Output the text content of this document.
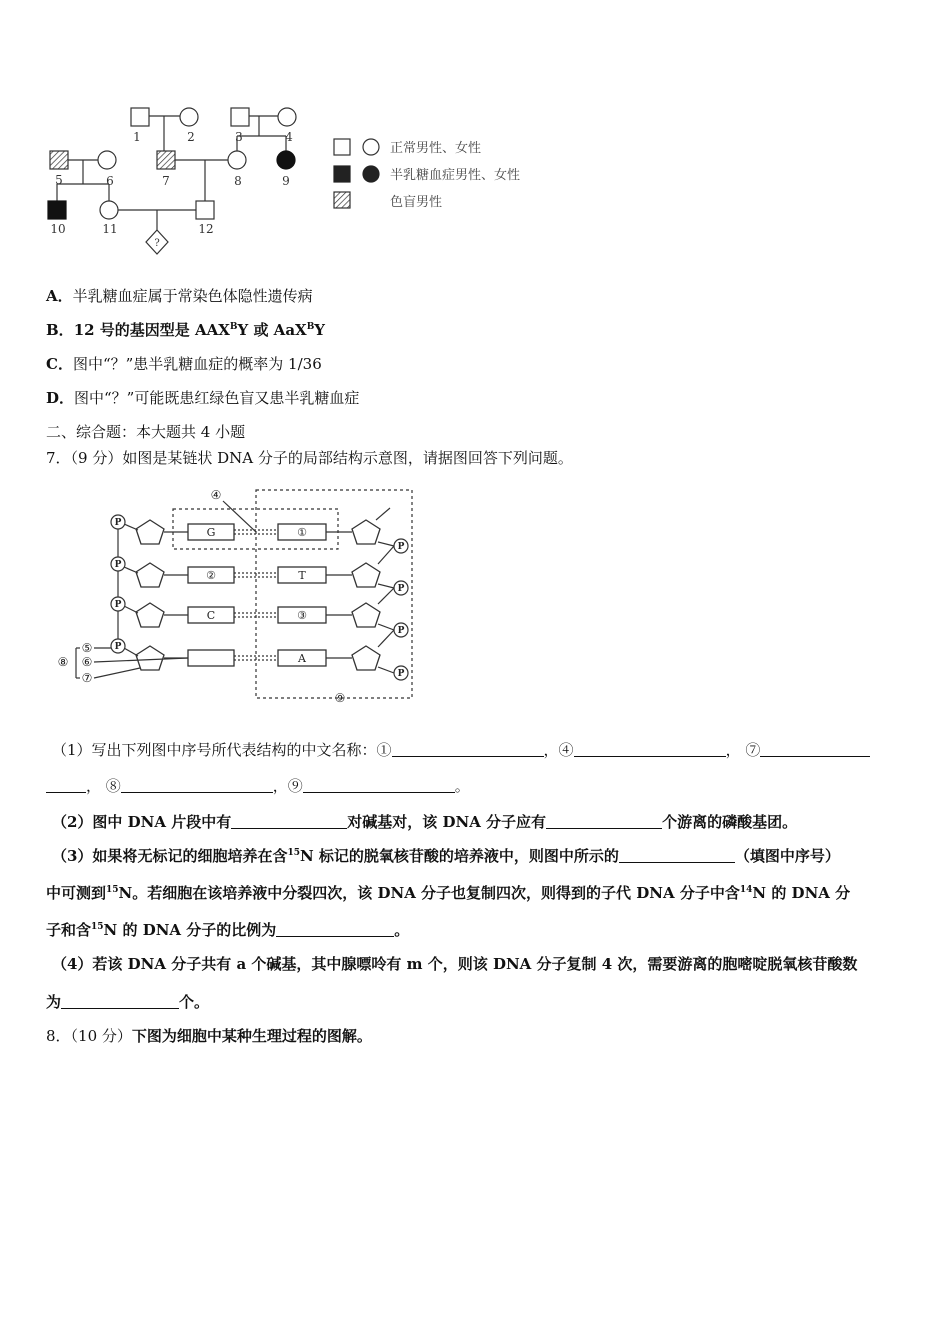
?
1	2	3	4
5	6	7	8	9
10	11	12
正常男性、女性
半乳糖血症男性、女性
色盲男性
A．半乳糖血症属于常染色体隐性遗传病
B．12 号的基因型是 $AAX^BY$ 或 AaX$^B$Y
C．图中“？”患半乳糖血症的概率为 1/36
D．图中“？”可能既患红绿色盲又患半乳糖血症
二、综合题：本大题共 4 小题
7．（9 分）如图是某链状 DNA 分子的局部结构示意图，请据图回答下列问题。
G
②
C
①
T
③
A
P
P
P
P
P
P
P
P
④
⑤
⑥
⑦
⑧
⑨
（1）写出下列图中序号所代表结构的中文名称：①	，④	， ⑦
， ⑧	，⑨	。
（2）图中 DNA 片段中有	对碱基对，该 DNA 分子应有	个游离的磷酸基团。
（3）如果将无标记的细胞培养在含$^{15}$N 标记的脱氧核苷酸的培养液中，则图中所示的	（填图中序号）
中可测到$^{15}$N。若细胞在该培养液中分裂四次，该 DNA 分子也复制四次，则得到的子代 DNA 分子中含$^{14}$N 的 DNA 分
子和含$^{15}$N 的 DNA 分子的比例为	。
（4）若该 DNA 分子共有 a 个碱基，其中腺嘌呤有 m 个，则该 DNA 分子复制 4 次，需要游离的胞嘧啶脱氧核苷酸数
为	个。
8．（10 分）下图为细胞中某种生理过程的图解。
